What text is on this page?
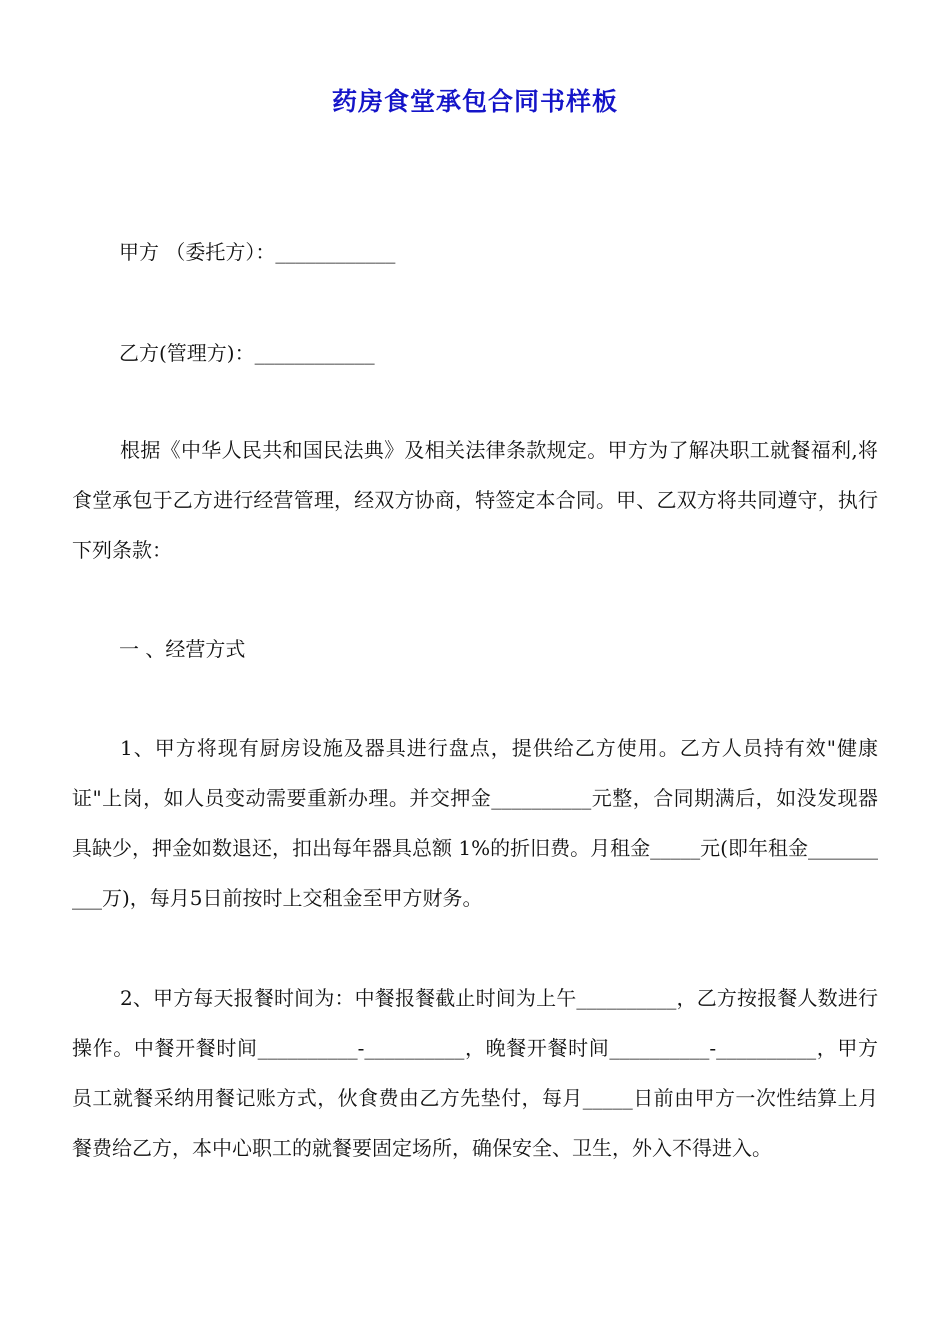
药房食堂承包合同书样板
甲方 （委托方）：____________
乙方(管理方)：____________
根据《中华人民共和国民法典》及相关法律条款规定。甲方为了解决职工就餐福利,将食堂承包于乙方进行经营管理，经双方协商，特签定本合同。甲、乙双方将共同遵守，执行下列条款：
一 、经营方式
1、甲方将现有厨房设施及器具进行盘点，提供给乙方使用。乙方人员持有效"健康证"上岗，如人员变动需要重新办理。并交押金__________元整，合同期满后，如没发现器具缺少，押金如数退还，扣出每年器具总额 1%的折旧费。月租金_____元(即年租金__________万)，每月5日前按时上交租金至甲方财务。
2、甲方每天报餐时间为：中餐报餐截止时间为上午__________，乙方按报餐人数进行操作。中餐开餐时间__________-__________，晚餐开餐时间__________-__________，甲方员工就餐采纳用餐记账方式，伙食费由乙方先垫付，每月_____日前由甲方一次性结算上月餐费给乙方，本中心职工的就餐要固定场所，确保安全、卫生，外入不得进入。
